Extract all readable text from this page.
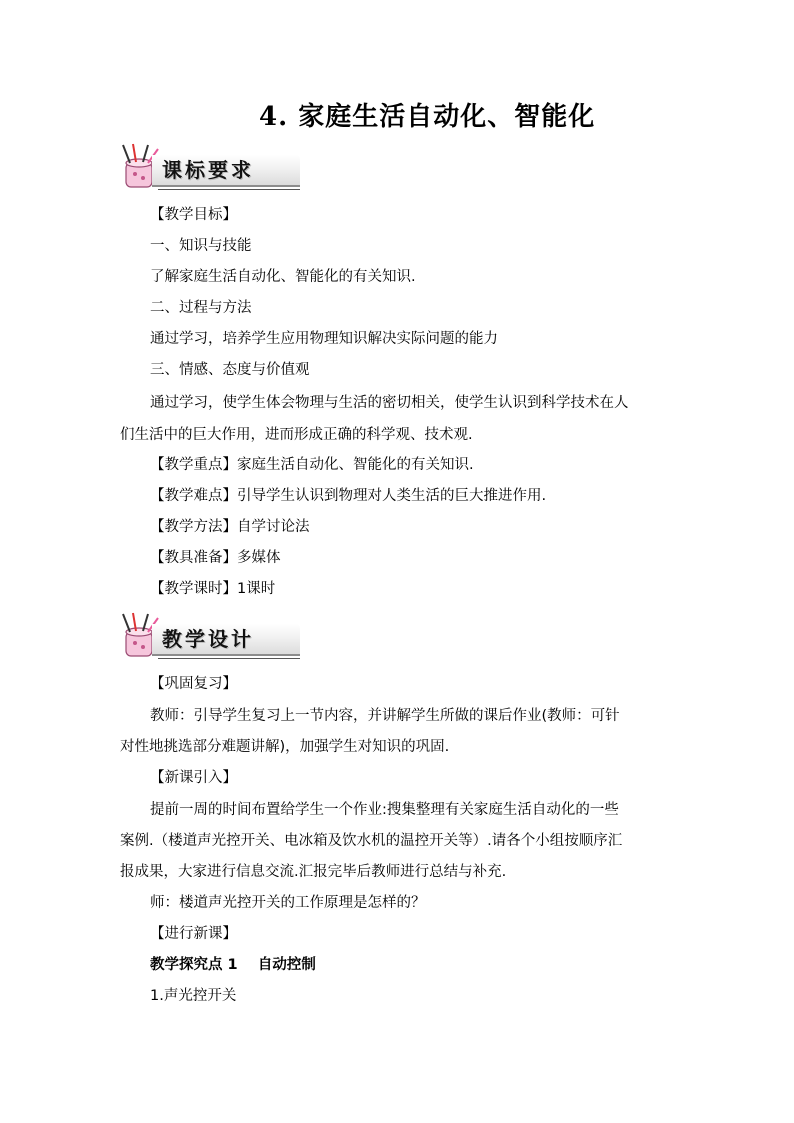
4. 家庭生活自动化、智能化
课标要求
【教学目标】
一、知识与技能
了解家庭生活自动化、智能化的有关知识.
二、过程与方法
通过学习，培养学生应用物理知识解决实际问题的能力
三、情感、态度与价值观
通过学习，使学生体会物理与生活的密切相关，使学生认识到科学技术在人
们生活中的巨大作用，进而形成正确的科学观、技术观.
【教学重点】家庭生活自动化、智能化的有关知识.
【教学难点】引导学生认识到物理对人类生活的巨大推进作用.
【教学方法】自学讨论法
【教具准备】多媒体
【教学课时】1课时
教学设计
【巩固复习】
教师：引导学生复习上一节内容，并讲解学生所做的课后作业(教师：可针
对性地挑选部分难题讲解)，加强学生对知识的巩固.
【新课引入】
提前一周的时间布置给学生一个作业:搜集整理有关家庭生活自动化的一些
案例.（楼道声光控开关、电冰箱及饮水机的温控开关等）.请各个小组按顺序汇
报成果，大家进行信息交流.汇报完毕后教师进行总结与补充.
师：楼道声光控开关的工作原理是怎样的？
【进行新课】
教学探究点 1    自动控制
1.声光控开关
